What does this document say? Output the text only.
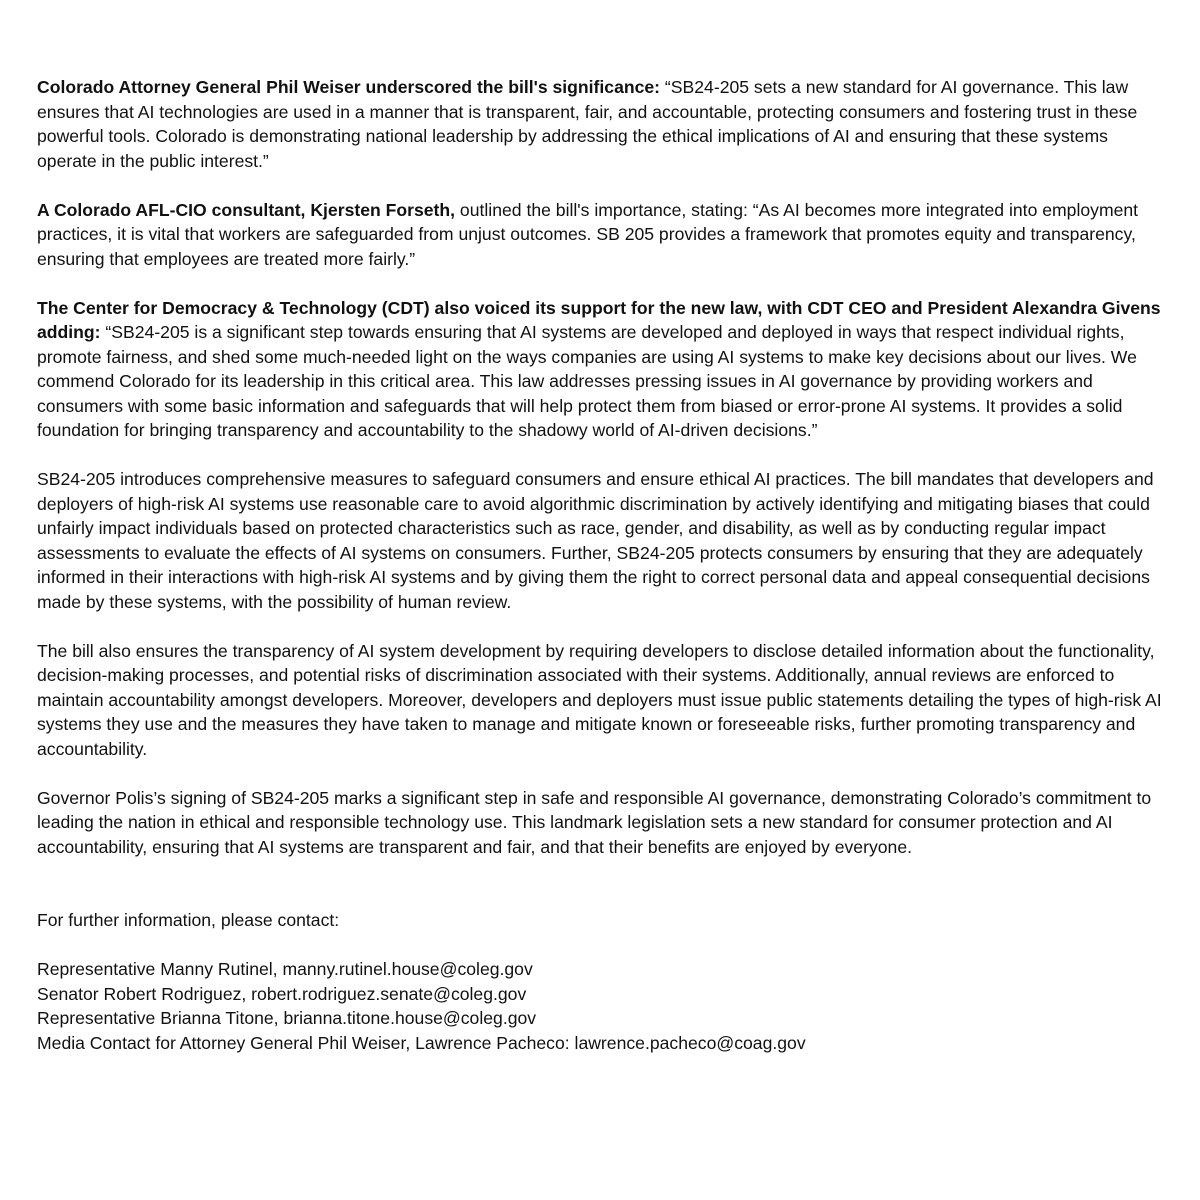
Colorado Attorney General Phil Weiser underscored the bill's significance: “SB24-205 sets a new standard for AI governance. This law ensures that AI technologies are used in a manner that is transparent, fair, and accountable, protecting consumers and fostering trust in these powerful tools. Colorado is demonstrating national leadership by addressing the ethical implications of AI and ensuring that these systems operate in the public interest.”

A Colorado AFL-CIO consultant, Kjersten Forseth, outlined the bill's importance, stating: “As AI becomes more integrated into employment practices, it is vital that workers are safeguarded from unjust outcomes. SB 205 provides a framework that promotes equity and transparency, ensuring that employees are treated more fairly.”

The Center for Democracy & Technology (CDT) also voiced its support for the new law, with CDT CEO and President Alexandra Givens adding: “SB24-205 is a significant step towards ensuring that AI systems are developed and deployed in ways that respect individual rights, promote fairness, and shed some much-needed light on the ways companies are using AI systems to make key decisions about our lives. We commend Colorado for its leadership in this critical area. This law addresses pressing issues in AI governance by providing workers and consumers with some basic information and safeguards that will help protect them from biased or error-prone AI systems. It provides a solid foundation for bringing transparency and accountability to the shadowy world of AI-driven decisions.”

SB24-205 introduces comprehensive measures to safeguard consumers and ensure ethical AI practices. The bill mandates that developers and deployers of high-risk AI systems use reasonable care to avoid algorithmic discrimination by actively identifying and mitigating biases that could unfairly impact individuals based on protected characteristics such as race, gender, and disability, as well as by conducting regular impact assessments to evaluate the effects of AI systems on consumers. Further, SB24-205 protects consumers by ensuring that they are adequately informed in their interactions with high-risk AI systems and by giving them the right to correct personal data and appeal consequential decisions made by these systems, with the possibility of human review.

The bill also ensures the transparency of AI system development by requiring developers to disclose detailed information about the functionality, decision-making processes, and potential risks of discrimination associated with their systems. Additionally, annual reviews are enforced to maintain accountability amongst developers. Moreover, developers and deployers must issue public statements detailing the types of high-risk AI systems they use and the measures they have taken to manage and mitigate known or foreseeable risks, further promoting transparency and accountability.

Governor Polis’s signing of SB24-205 marks a significant step in safe and responsible AI governance, demonstrating Colorado’s commitment to leading the nation in ethical and responsible technology use. This landmark legislation sets a new standard for consumer protection and AI accountability, ensuring that AI systems are transparent and fair, and that their benefits are enjoyed by everyone.

For further information, please contact:

Representative Manny Rutinel, manny.rutinel.house@coleg.gov
Senator Robert Rodriguez, robert.rodriguez.senate@coleg.gov
Representative Brianna Titone, brianna.titone.house@coleg.gov
Media Contact for Attorney General Phil Weiser, Lawrence Pacheco: lawrence.pacheco@coag.gov
